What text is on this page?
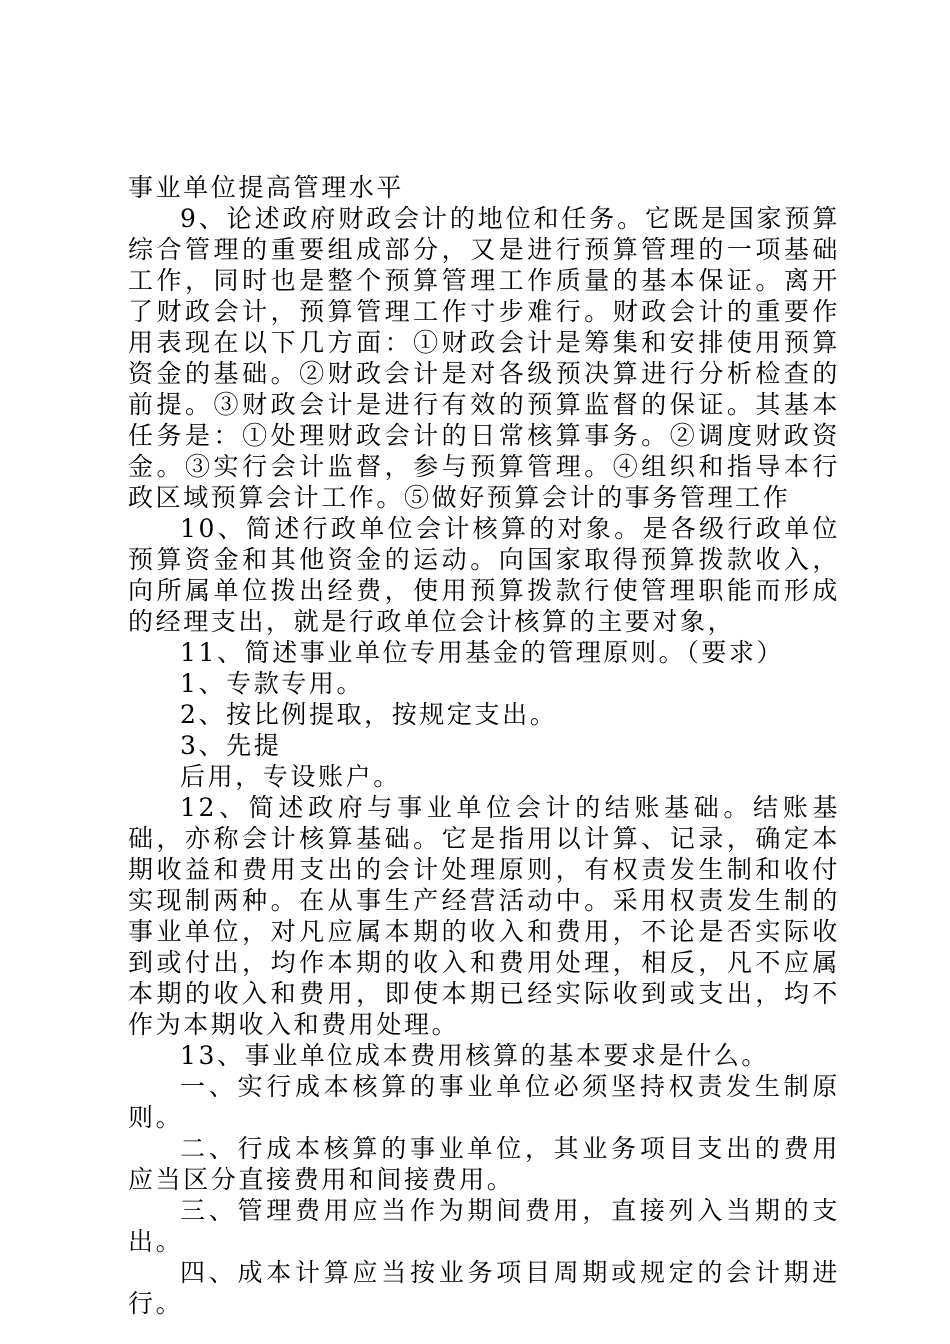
事业单位提高管理水平

9、论述政府财政会计的地位和任务。它既是国家预算综合管理的重要组成部分，又是进行预算管理的一项基础工作，同时也是整个预算管理工作质量的基本保证。离开了财政会计，预算管理工作寸步难行。财政会计的重要作用表现在以下几方面：①财政会计是筹集和安排使用预算资金的基础。②财政会计是对各级预决算进行分析检查的前提。③财政会计是进行有效的预算监督的保证。其基本任务是：①处理财政会计的日常核算事务。②调度财政资金。③实行会计监督，参与预算管理。④组织和指导本行政区域预算会计工作。⑤做好预算会计的事务管理工作

10、简述行政单位会计核算的对象。是各级行政单位预算资金和其他资金的运动。向国家取得预算拨款收入，向所属单位拨出经费，使用预算拨款行使管理职能而形成的经理支出，就是行政单位会计核算的主要对象，

11、简述事业单位专用基金的管理原则。（要求）

1、专款专用。

2、按比例提取，按规定支出。

3、先提

后用，专设账户。

12、简述政府与事业单位会计的结账基础。结账基础，亦称会计核算基础。它是指用以计算、记录，确定本期收益和费用支出的会计处理原则，有权责发生制和收付实现制两种。在从事生产经营活动中。采用权责发生制的事业单位，对凡应属本期的收入和费用，不论是否实际收到或付出，均作本期的收入和费用处理，相反，凡不应属本期的收入和费用，即使本期已经实际收到或支出，均不作为本期收入和费用处理。

13、事业单位成本费用核算的基本要求是什么。

一、实行成本核算的事业单位必须坚持权责发生制原则。

二、行成本核算的事业单位，其业务项目支出的费用应当区分直接费用和间接费用。

三、管理费用应当作为期间费用，直接列入当期的支出。

四、成本计算应当按业务项目周期或规定的会计期进行。
